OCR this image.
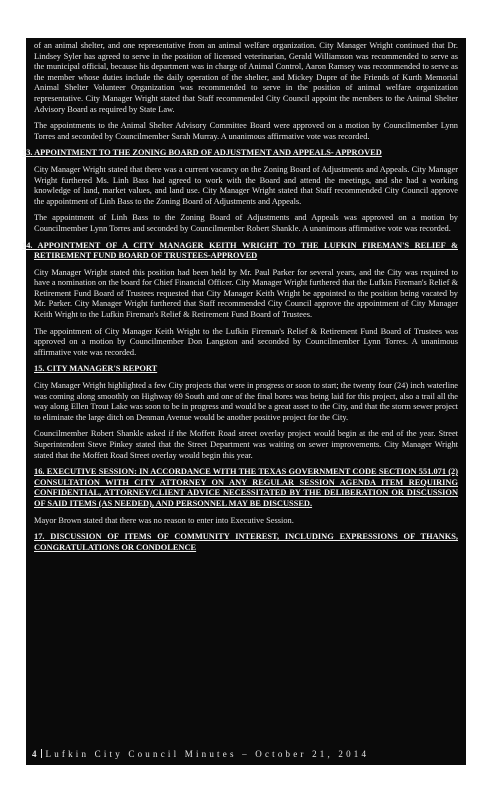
of an animal shelter, and one representative from an animal welfare organization. City Manager Wright continued that Dr. Lindsey Syler has agreed to serve in the position of licensed veterinarian, Gerald Williamson was recommended to serve as the municipal official, because his department was in charge of Animal Control, Aaron Ramsey was recommended to serve as the member whose duties include the daily operation of the shelter, and Mickey Dupre of the Friends of Kurth Memorial Animal Shelter Volunteer Organization was recommended to serve in the position of animal welfare organization representative. City Manager Wright stated that Staff recommended City Council appoint the members to the Animal Shelter Advisory Board as required by State Law.

The appointments to the Animal Shelter Advisory Committee Board were approved on a motion by Councilmember Lynn Torres and seconded by Councilmember Sarah Murray. A unanimous affirmative vote was recorded.

13. APPOINTMENT TO THE ZONING BOARD OF ADJUSTMENT AND APPEALS- APPROVED

City Manager Wright stated that there was a current vacancy on the Zoning Board of Adjustments and Appeals. City Manager Wright furthered Ms. Linh Bass had agreed to work with the Board and attend the meetings, and she had a working knowledge of land, market values, and land use. City Manager Wright stated that Staff recommended City Council approve the appointment of Linh Bass to the Zoning Board of Adjustments and Appeals.

The appointment of Linh Bass to the Zoning Board of Adjustments and Appeals was approved on a motion by Councilmember Lynn Torres and seconded by Councilmember Robert Shankle. A unanimous affirmative vote was recorded.

14. APPOINTMENT OF A CITY MANAGER KEITH WRIGHT TO THE LUFKIN FIREMAN'S RELIEF & RETIREMENT FUND BOARD OF TRUSTEES-APPROVED

City Manager Wright stated this position had been held by Mr. Paul Parker for several years, and the City was required to have a nomination on the board for Chief Financial Officer. City Manager Wright furthered that the Lufkin Fireman's Relief & Retirement Fund Board of Trustees requested that City Manager Keith Wright be appointed to the position being vacated by Mr. Parker. City Manager Wright furthered that Staff recommended City Council approve the appointment of City Manager Keith Wright to the Lufkin Fireman's Relief & Retirement Fund Board of Trustees.

The appointment of City Manager Keith Wright to the Lufkin Fireman's Relief & Retirement Fund Board of Trustees was approved on a motion by Councilmember Don Langston and seconded by Councilmember Lynn Torres. A unanimous affirmative vote was recorded.

15. CITY MANAGER'S REPORT

City Manager Wright highlighted a few City projects that were in progress or soon to start; the twenty four (24) inch waterline was coming along smoothly on Highway 69 South and one of the final bores was being laid for this project, also a trail all the way along Ellen Trout Lake was soon to be in progress and would be a great asset to the City, and that the storm sewer project to eliminate the large ditch on Denman Avenue would be another positive project for the City.

Councilmember Robert Shankle asked if the Moffett Road street overlay project would begin at the end of the year. Street Superintendent Steve Pinkey stated that the Street Department was waiting on sewer improvements. City Manager Wright stated that the Moffett Road Street overlay would begin this year.

16. EXECUTIVE SESSION: IN ACCORDANCE WITH THE TEXAS GOVERNMENT CODE SECTION 551.071 (2) CONSULTATION WITH CITY ATTORNEY ON ANY REGULAR SESSION AGENDA ITEM REQUIRING CONFIDENTIAL, ATTORNEY/CLIENT ADVICE NECESSITATED BY THE DELIBERATION OR DISCUSSION OF SAID ITEMS (AS NEEDED), AND PERSONNEL MAY BE DISCUSSED.

Mayor Brown stated that there was no reason to enter into Executive Session.

17. DISCUSSION OF ITEMS OF COMMUNITY INTEREST, INCLUDING EXPRESSIONS OF THANKS, CONGRATULATIONS OR CONDOLENCE

4 Lufkin City Council Minutes – October 21, 2014
